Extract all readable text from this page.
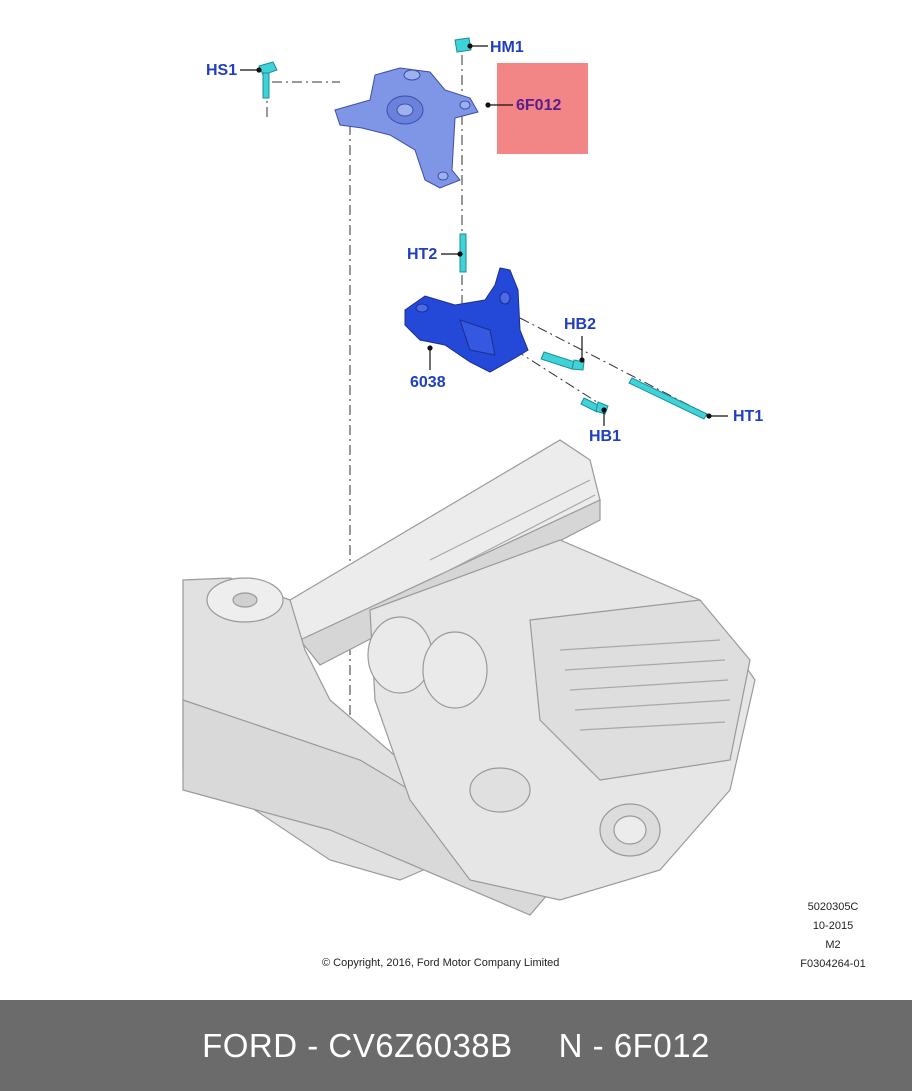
HS1
HM1
6F012
HT2
HB2
6038
HT1
HB1
5020305C
10-2015
M2
F0304264-01
© Copyright, 2016, Ford Motor Company Limited
FORD - CV6Z6038B N - 6F012
